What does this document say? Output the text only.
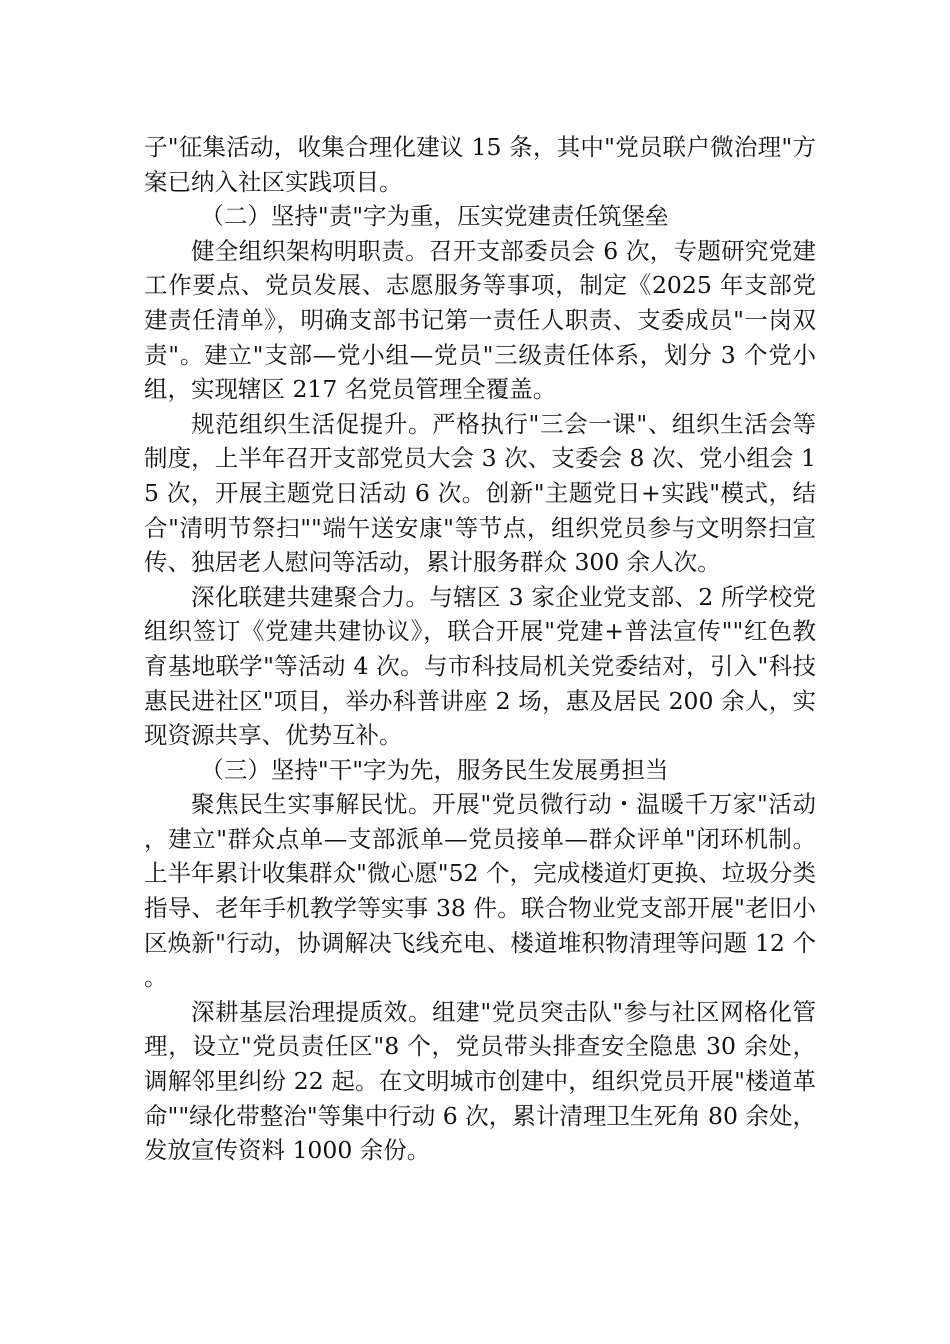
子"征集活动，收集合理化建议 15 条，其中"党员联户微治理"方案已纳入社区实践项目。

（二）坚持"责"字为重，压实党建责任筑堡垒

健全组织架构明职责。召开支部委员会 6 次，专题研究党建工作要点、党员发展、志愿服务等事项，制定《2025 年支部党建责任清单》，明确支部书记第一责任人职责、支委成员"一岗双责"。建立"支部—党小组—党员"三级责任体系，划分 3 个党小组，实现辖区 217 名党员管理全覆盖。

规范组织生活促提升。严格执行"三会一课"、组织生活会等制度，上半年召开支部党员大会 3 次、支委会 8 次、党小组会 15 次，开展主题党日活动 6 次。创新"主题党日+实践"模式，结合"清明节祭扫""端午送安康"等节点，组织党员参与文明祭扫宣传、独居老人慰问等活动，累计服务群众 300 余人次。

深化联建共建聚合力。与辖区 3 家企业党支部、2 所学校党组织签订《党建共建协议》，联合开展"党建+普法宣传""红色教育基地联学"等活动 4 次。与市科技局机关党委结对，引入"科技惠民进社区"项目，举办科普讲座 2 场，惠及居民 200 余人，实现资源共享、优势互补。

（三）坚持"干"字为先，服务民生发展勇担当

聚焦民生实事解民忧。开展"党员微行动・温暖千万家"活动，建立"群众点单—支部派单—党员接单—群众评单"闭环机制。上半年累计收集群众"微心愿"52 个，完成楼道灯更换、垃圾分类指导、老年手机教学等实事 38 件。联合物业党支部开展"老旧小区焕新"行动，协调解决飞线充电、楼道堆积物清理等问题 12 个。

深耕基层治理提质效。组建"党员突击队"参与社区网格化管理，设立"党员责任区"8 个，党员带头排查安全隐患 30 余处，调解邻里纠纷 22 起。在文明城市创建中，组织党员开展"楼道革命""绿化带整治"等集中行动 6 次，累计清理卫生死角 80 余处，发放宣传资料 1000 余份。
